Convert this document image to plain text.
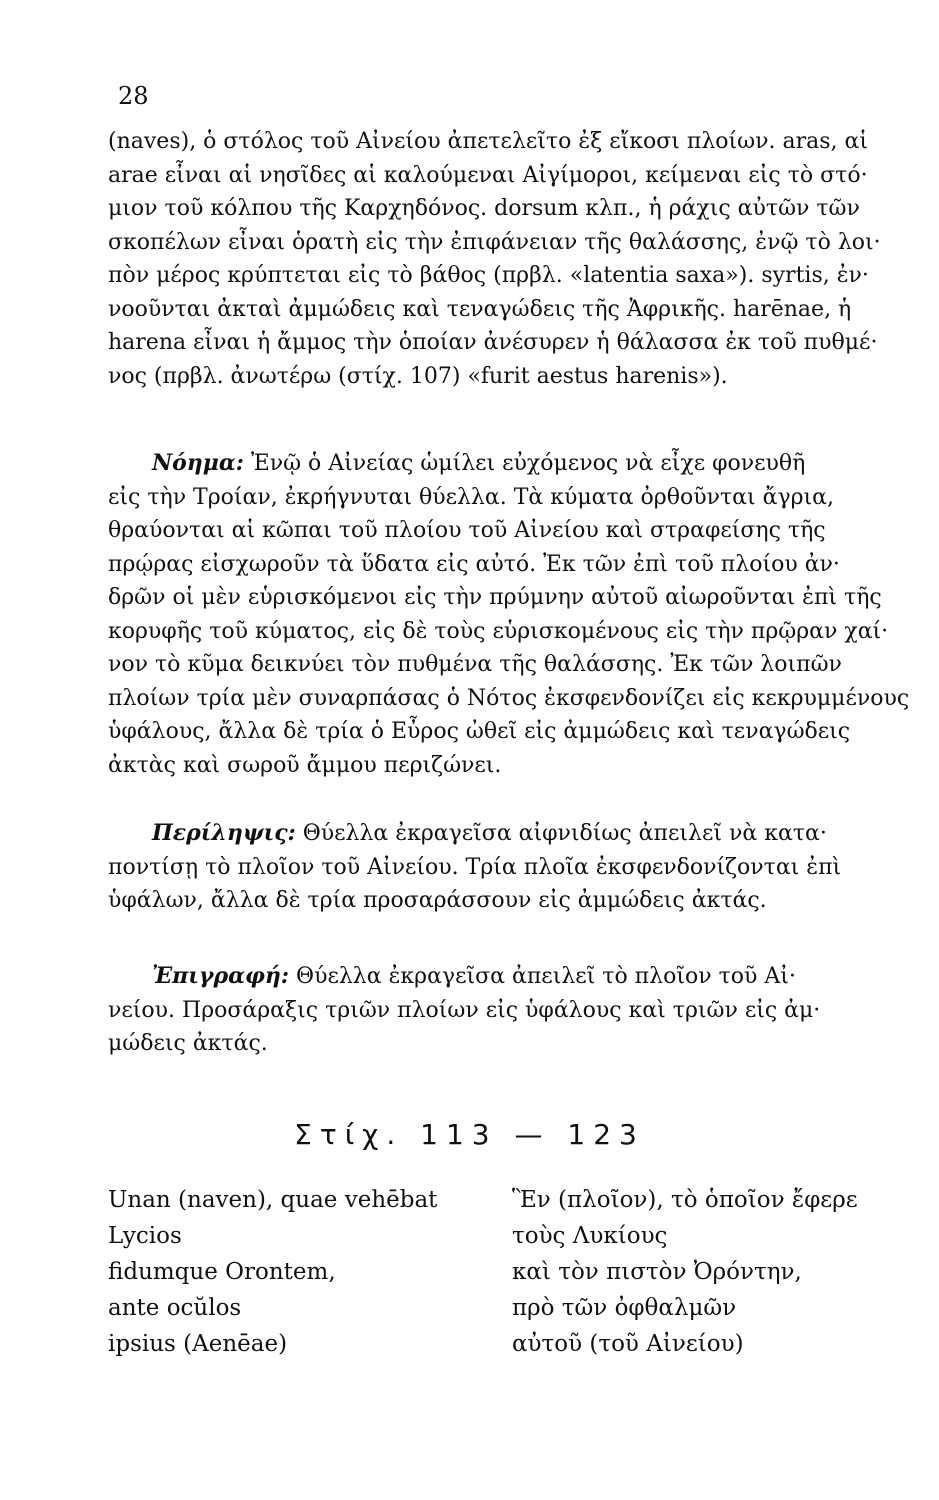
28
(naves), ὁ στόλος τοῦ Αἰνείου ἀπετελεῖτο ἐξ εἴκοσι πλοίων. aras, αἱ
arae εἶναι αἱ νησῖδες αἱ καλούμεναι Αἰγίμοροι, κείμεναι εἰς τὸ στό·
μιον τοῦ κόλπου τῆς Καρχηδόνος. dorsum κλπ., ἡ ράχις αὐτῶν τῶν
σκοπέλων εἶναι ὁρατὴ εἰς τὴν ἐπιφάνειαν τῆς θαλάσσης, ἐνῷ τὸ λοι·
πὸν μέρος κρύπτεται εἰς τὸ βάθος (πρβλ. «latentia saxa»). syrtis, ἐν·
νοοῦνται ἀκταὶ ἀμμώδεις καὶ τεναγώδεις τῆς Ἀφρικῆς. harēnae, ἡ
harena εἶναι ἡ ἄμμος τὴν ὁποίαν ἀνέσυρεν ἡ θάλασσα ἐκ τοῦ πυθμέ·
νος (πρβλ. ἀνωτέρω (στίχ. 107) «furit aestus harenis»).
Νόημα: Ἐνῷ ὁ Αἰνείας ὡμίλει εὐχόμενος νὰ εἶχε φονευθῆ
εἰς τὴν Τροίαν, ἐκρήγνυται θύελλα. Τὰ κύματα ὀρθοῦνται ἄγρια,
θραύονται αἱ κῶπαι τοῦ πλοίου τοῦ Αἰνείου καὶ στραφείσης τῆς
πρῴρας εἰσχωροῦν τὰ ὕδατα εἰς αὐτό. Ἐκ τῶν ἐπὶ τοῦ πλοίου ἀν·
δρῶν οἱ μὲν εὑρισκόμενοι εἰς τὴν πρύμνην αὐτοῦ αἰωροῦνται ἐπὶ τῆς
κορυφῆς τοῦ κύματος, εἰς δὲ τοὺς εὑρισκομένους εἰς τὴν πρῷραν χαί·
νον τὸ κῦμα δεικνύει τὸν πυθμένα τῆς θαλάσσης. Ἐκ τῶν λοιπῶν
πλοίων τρία μὲν συναρπάσας ὁ Νότος ἐκσφενδονίζει εἰς κεκρυμμένους
ὑφάλους, ἄλλα δὲ τρία ὁ Εὖρος ὠθεῖ εἰς ἀμμώδεις καὶ τεναγώδεις
ἀκτὰς καὶ σωροῦ ἄμμου περιζώνει.
Περίληψις: Θύελλα ἐκραγεῖσα αἰφνιδίως ἀπειλεῖ νὰ κατα·
ποντίσῃ τὸ πλοῖον τοῦ Αἰνείου. Τρία πλοῖα ἐκσφενδονίζονται ἐπὶ
ὑφάλων, ἄλλα δὲ τρία προσαράσσουν εἰς ἀμμώδεις ἀκτάς.
Ἐπιγραφή: Θύελλα ἐκραγεῖσα ἀπειλεῖ τὸ πλοῖον τοῦ Αἰ·
νείου. Προσάραξις τριῶν πλοίων εἰς ὑφάλους καὶ τριῶν εἰς ἀμ·
μώδεις ἀκτάς.
Στίχ. 113 — 123
Unan (naven), quae vehēbat
Lycios
fidumque Orontem,
ante ocŭlos
ipsius (Aenēae)
Ἓν (πλοῖον), τὸ ὁποῖον ἔφερε
τοὺς Λυκίους
καὶ τὸν πιστὸν Ὀρόντην,
πρὸ τῶν ὀφθαλμῶν
αὐτοῦ (τοῦ Αἰνείου)
